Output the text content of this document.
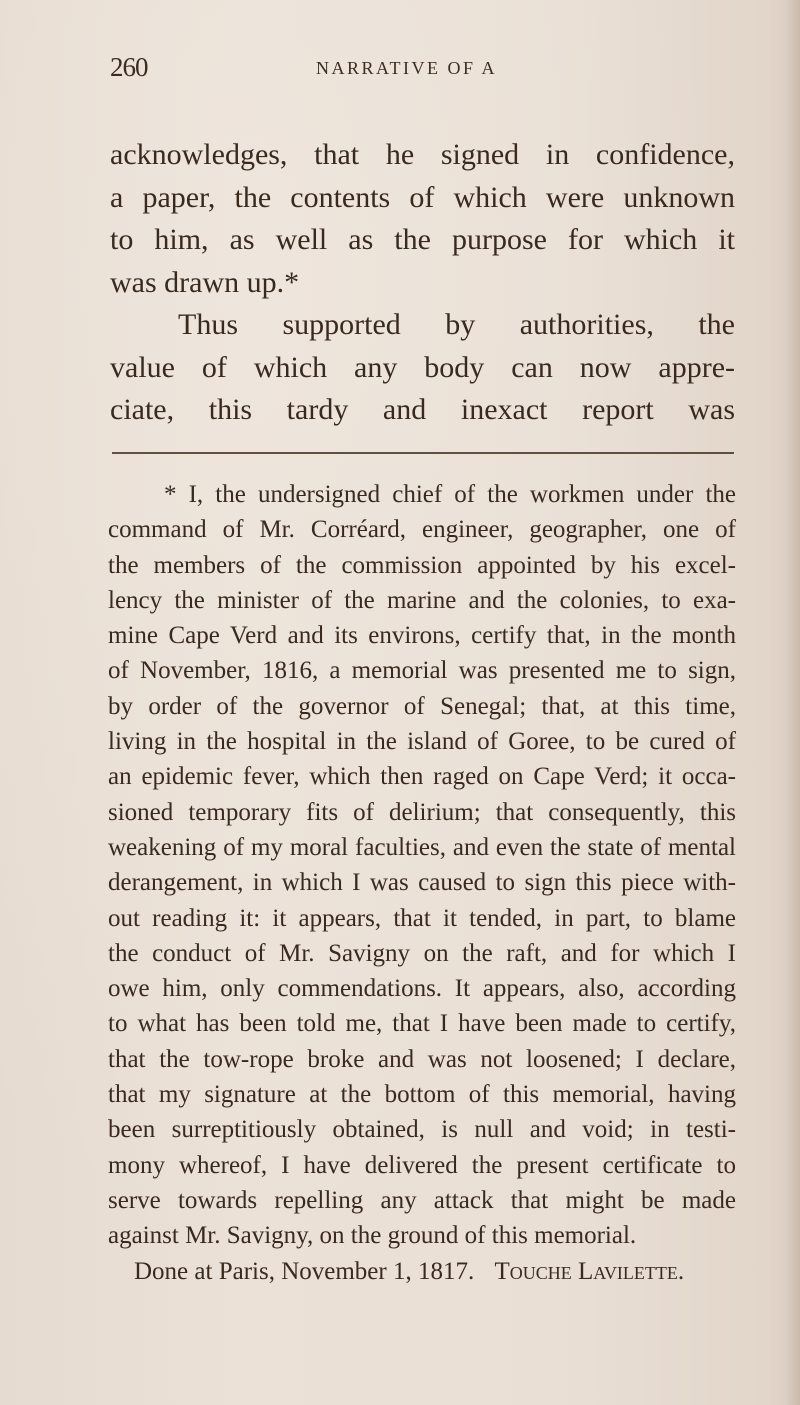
260	NARRATIVE OF A
acknowledges, that he signed in confidence,
a paper, the contents of which were unknown
to him, as well as the purpose for which it
was drawn up.*
Thus supported by authorities, the
value of which any body can now appre-
ciate, this tardy and inexact report was
* I, the undersigned chief of the workmen under the
command of Mr. Corréard, engineer, geographer, one of
the members of the commission appointed by his excel-
lency the minister of the marine and the colonies, to exa-
mine Cape Verd and its environs, certify that, in the month
of November, 1816, a memorial was presented me to sign,
by order of the governor of Senegal; that, at this time,
living in the hospital in the island of Goree, to be cured of
an epidemic fever, which then raged on Cape Verd; it occa-
sioned temporary fits of delirium; that consequently, this
weakening of my moral faculties, and even the state of mental
derangement, in which I was caused to sign this piece with-
out reading it: it appears, that it tended, in part, to blame
the conduct of Mr. Savigny on the raft, and for which I
owe him, only commendations. It appears, also, according
to what has been told me, that I have been made to certify,
that the tow-rope broke and was not loosened; I declare,
that my signature at the bottom of this memorial, having
been surreptitiously obtained, is null and void; in testi-
mony whereof, I have delivered the present certificate to
serve towards repelling any attack that might be made
against Mr. Savigny, on the ground of this memorial.
Done at Paris, November 1, 1817. Touche Lavilette.
